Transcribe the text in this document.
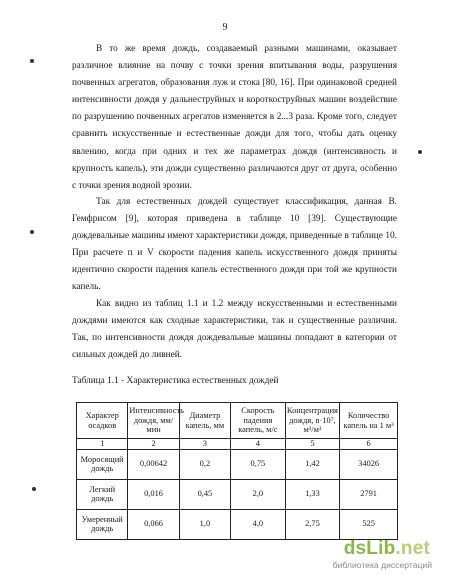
9

В то же время дождь, создаваемый разными машинами, оказывает различное влияние на почву с точки зрения впитывания воды, разрушения почвенных агрегатов, образования луж и стока [80, 16]. При одинаковой средней интенсивности дождя у дальнеструйных и короткоструйных машин воздействие по разрушению почвенных агрегатов изменяется в 2...3 раза. Кроме того, следует сравнить искусственные и естественные дожди для того, чтобы дать оценку явлению, когда при одних и тех же параметрах дождя (интенсивность и крупность капель), эти дожди существенно различаются друг от друга, особенно с точки зрения водной эрозии.

Так для естественных дождей существует классификация, данная В. Гемфрисом [9], которая приведена в таблице 10 [39]. Существующие дождевальные машины имеют характеристики дождя, приведенные в таблице 10. При расчете п и V скорости падения капель искусственного дождя приняты идентично скорости падения капель естественного дождя при той же крупности капель.

Как видно из таблиц 1.1 и 1.2 между искусственными и естественными дождями имеются как сходные характеристики, так и существенные различия. Так, по интенсивности дождя дождевальные машины попадают в категории от сильных дождей до ливней.

Таблица 1.1 - Характеристика естественных дождей
Характер осадков	Интенсивность дождя, мм/мин	Диаметр капель, мм	Скорость падения капель, м/с	Концентрация дождя, n·10⁷, м³/м³	Количество капель на 1 м³
1	2	3	4	5	6
Моросящий дождь	0,00642	0,2	0,75	1,42	34026
Легкий дождь	0,016	0,45	2,0	1,33	2791
Умеренный дождь	0,066	1,0	4,0	2,75	525
dsLib.net
библиотека диссертаций
